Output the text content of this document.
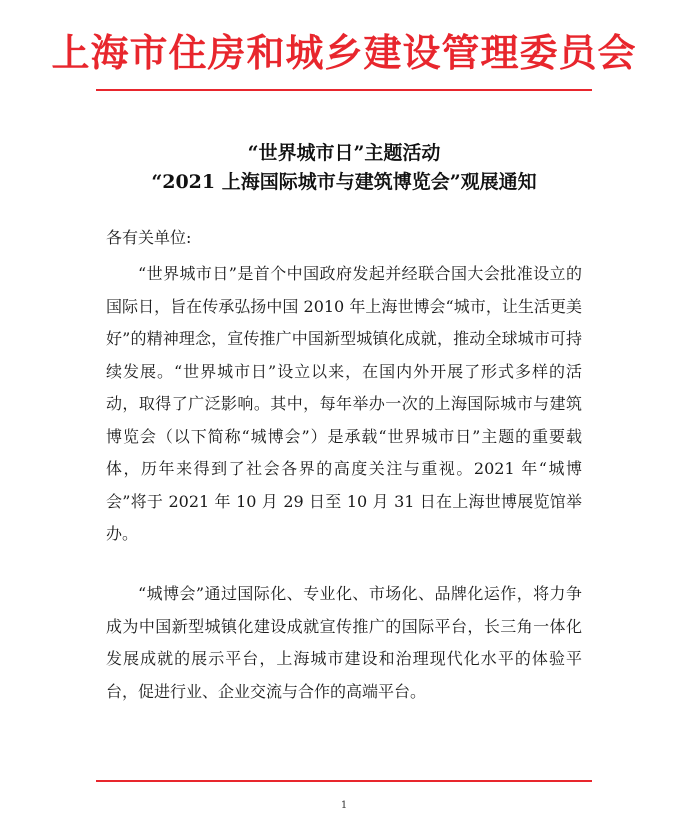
上海市住房和城乡建设管理委员会
“世界城市日”主题活动
“2021 上海国际城市与建筑博览会”观展通知
各有关单位:

“世界城市日”是首个中国政府发起并经联合国大会批准设立的国际日，旨在传承弘扬中国 2010 年上海世博会“城市，让生活更美好”的精神理念，宣传推广中国新型城镇化成就，推动全球城市可持续发展。“世界城市日”设立以来，在国内外开展了形式多样的活动，取得了广泛影响。其中，每年举办一次的上海国际城市与建筑博览会（以下简称“城博会”）是承载“世界城市日”主题的重要载体，历年来得到了社会各界的高度关注与重视。2021 年“城博会”将于 2021 年 10 月 29 日至 10 月 31 日在上海世博展览馆举办。

“城博会”通过国际化、专业化、市场化、品牌化运作，将力争成为中国新型城镇化建设成就宣传推广的国际平台，长三角一体化发展成就的展示平台，上海城市建设和治理现代化水平的体验平台，促进行业、企业交流与合作的高端平台。

1
